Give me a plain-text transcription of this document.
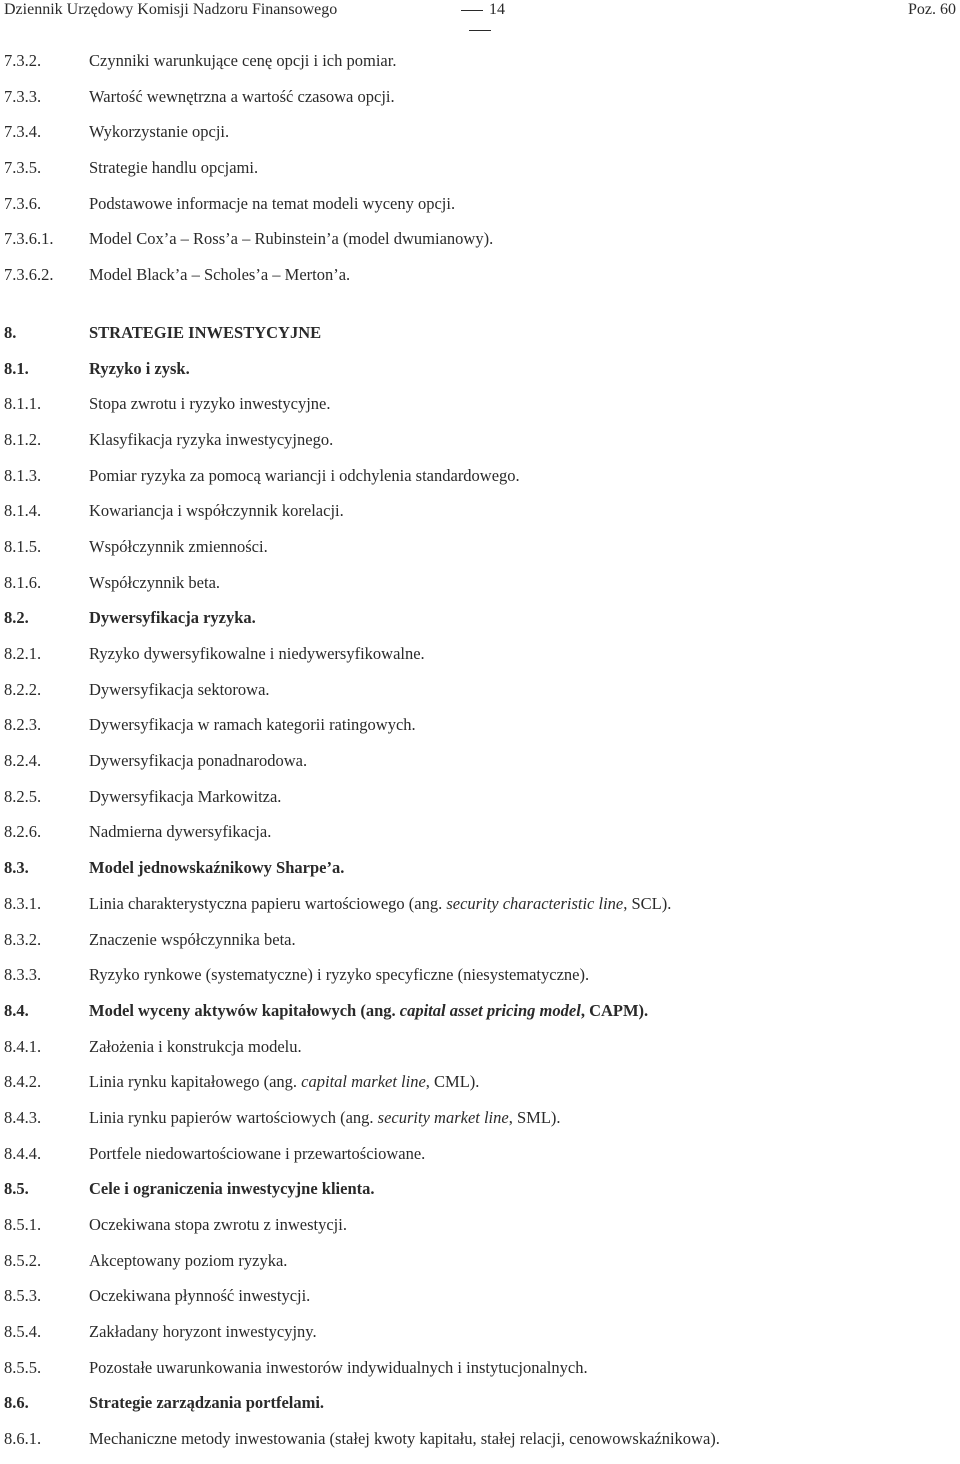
Dziennik Urzędowy Komisji Nadzoru Finansowego	14	Poz. 60
7.3.2.	Czynniki warunkujące cenę opcji i ich pomiar.
7.3.3.	Wartość wewnętrzna a wartość czasowa opcji.
7.3.4.	Wykorzystanie opcji.
7.3.5.	Strategie handlu opcjami.
7.3.6.	Podstawowe informacje na temat modeli wyceny opcji.
7.3.6.1.	Model Cox’a – Ross’a – Rubinstein’a (model dwumianowy).
7.3.6.2.	Model Black’a – Scholes’a – Merton’a.
8.	STRATEGIE INWESTYCYJNE
8.1.	Ryzyko i zysk.
8.1.1.	Stopa zwrotu i ryzyko inwestycyjne.
8.1.2.	Klasyfikacja ryzyka inwestycyjnego.
8.1.3.	Pomiar ryzyka za pomocą wariancji i odchylenia standardowego.
8.1.4.	Kowariancja i współczynnik korelacji.
8.1.5.	Współczynnik zmienności.
8.1.6.	Współczynnik beta.
8.2.	Dywersyfikacja ryzyka.
8.2.1.	Ryzyko dywersyfikowalne i niedywersyfikowalne.
8.2.2.	Dywersyfikacja sektorowa.
8.2.3.	Dywersyfikacja w ramach kategorii ratingowych.
8.2.4.	Dywersyfikacja ponadnarodowa.
8.2.5.	Dywersyfikacja Markowitza.
8.2.6.	Nadmierna dywersyfikacja.
8.3.	Model jednowskaźnikowy Sharpe’a.
8.3.1.	Linia charakterystyczna papieru wartościowego (ang. security characteristic line, SCL).
8.3.2.	Znaczenie współczynnika beta.
8.3.3.	Ryzyko rynkowe (systematyczne) i ryzyko specyficzne (niesystematyczne).
8.4.	Model wyceny aktywów kapitałowych (ang. capital asset pricing model, CAPM).
8.4.1.	Założenia i konstrukcja modelu.
8.4.2.	Linia rynku kapitałowego (ang. capital market line, CML).
8.4.3.	Linia rynku papierów wartościowych (ang. security market line, SML).
8.4.4.	Portfele niedowartościowane i przewartościowane.
8.5.	Cele i ograniczenia inwestycyjne klienta.
8.5.1.	Oczekiwana stopa zwrotu z inwestycji.
8.5.2.	Akceptowany poziom ryzyka.
8.5.3.	Oczekiwana płynność inwestycji.
8.5.4.	Zakładany horyzont inwestycyjny.
8.5.5.	Pozostałe uwarunkowania inwestorów indywidualnych i instytucjonalnych.
8.6.	Strategie zarządzania portfelami.
8.6.1.	Mechaniczne metody inwestowania (stałej kwoty kapitału, stałej relacji, cenowowskaźnikowa).
